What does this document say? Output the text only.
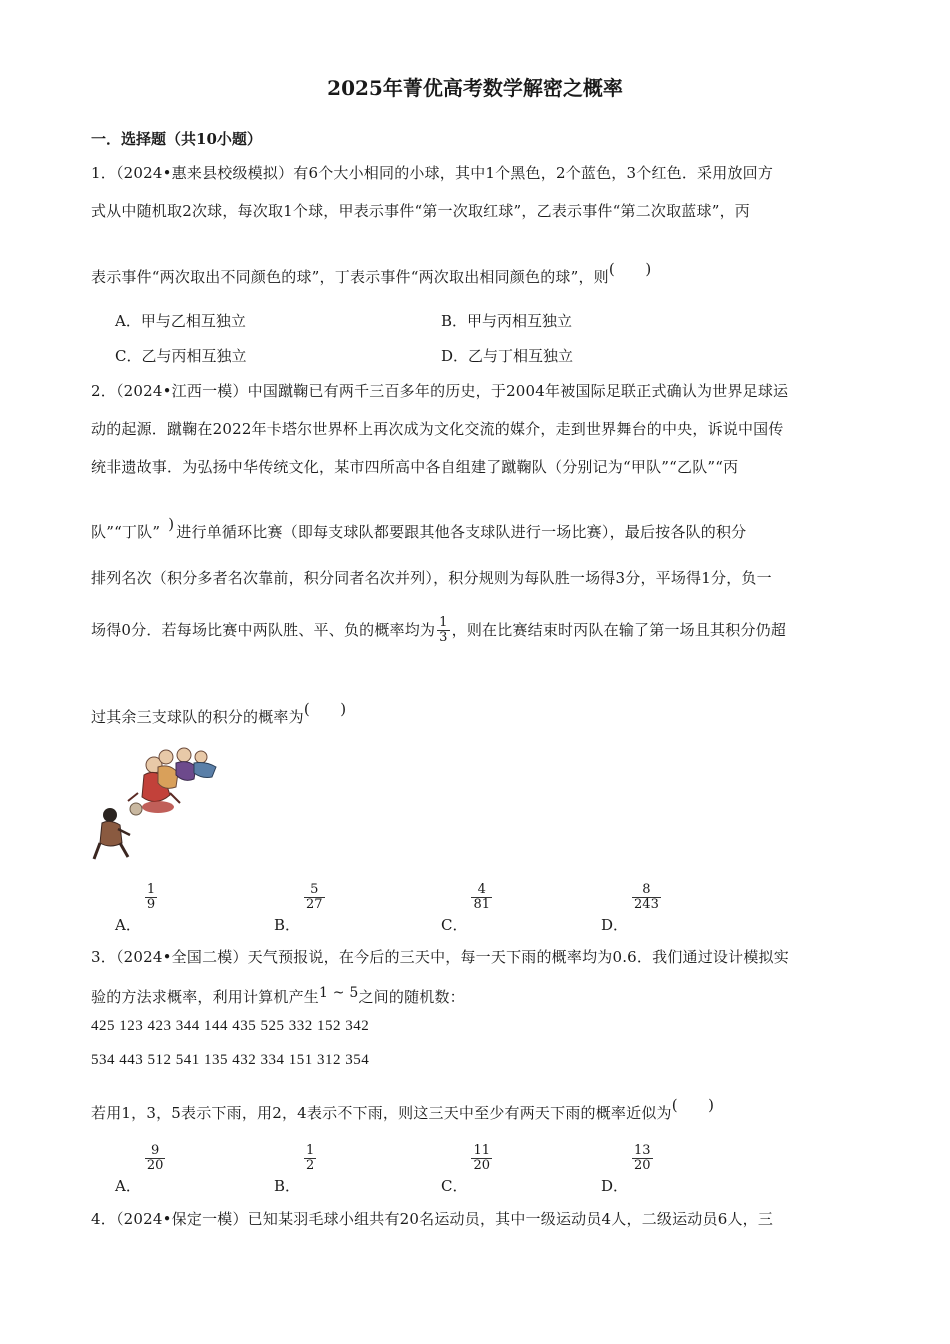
2025年菁优高考数学解密之概率
一．选择题（共10小题）
1．（2024•惠来县校级模拟）有6个大小相同的小球，其中1个黑色，2个蓝色，3个红色．采用放回方
式从中随机取2次球，每次取1个球，甲表示事件“第一次取红球”，乙表示事件“第二次取蓝球”，丙
表示事件“两次取出不同颜色的球”，丁表示事件“两次取出相同颜色的球”，则(　　)
A．甲与乙相互独立	B．甲与丙相互独立
C．乙与丙相互独立	D．乙与丁相互独立
2．（2024•江西一模）中国蹴鞠已有两千三百多年的历史，于2004年被国际足联正式确认为世界足球运
动的起源．蹴鞠在2022年卡塔尔世界杯上再次成为文化交流的媒介，走到世界舞台的中央，诉说中国传
统非遗故事．为弘扬中华传统文化，某市四所高中各自组建了蹴鞠队（分别记为“甲队”“乙队”“丙
队”“丁队” ) 进行单循环比赛（即每支球队都要跟其他各支球队进行一场比赛），最后按各队的积分
排列名次（积分多者名次靠前，积分同者名次并列），积分规则为每队胜一场得3分，平场得1分，负一
场得0分．若每场比赛中两队胜、平、负的概率均为 $\frac{1}{3}$ ，则在比赛结束时丙队在输了第一场且其积分仍超
过其余三支球队的积分的概率为(　　)
A．
$\frac{1}{9}$
B．
$\frac{5}{27}$
C．
$\frac{4}{81}$
D．
$\frac{8}{243}$
3．（2024•全国二模）天气预报说，在今后的三天中，每一天下雨的概率均为0.6．我们通过设计模拟实
验的方法求概率，利用计算机产生1 ~ 5之间的随机数：
425 123 423 344 144 435 525 332 152 342
534 443 512 541 135 432 334 151 312 354
若用1，3，5表示下雨，用2，4表示不下雨，则这三天中至少有两天下雨的概率近似为(　　)
A．
$\frac{9}{20}$
B．
$\frac{1}{2}$
C．
$\frac{11}{20}$
D．
$\frac{13}{20}$
4．（2024•保定一模）已知某羽毛球小组共有20名运动员，其中一级运动员4人，二级运动员6人，三
